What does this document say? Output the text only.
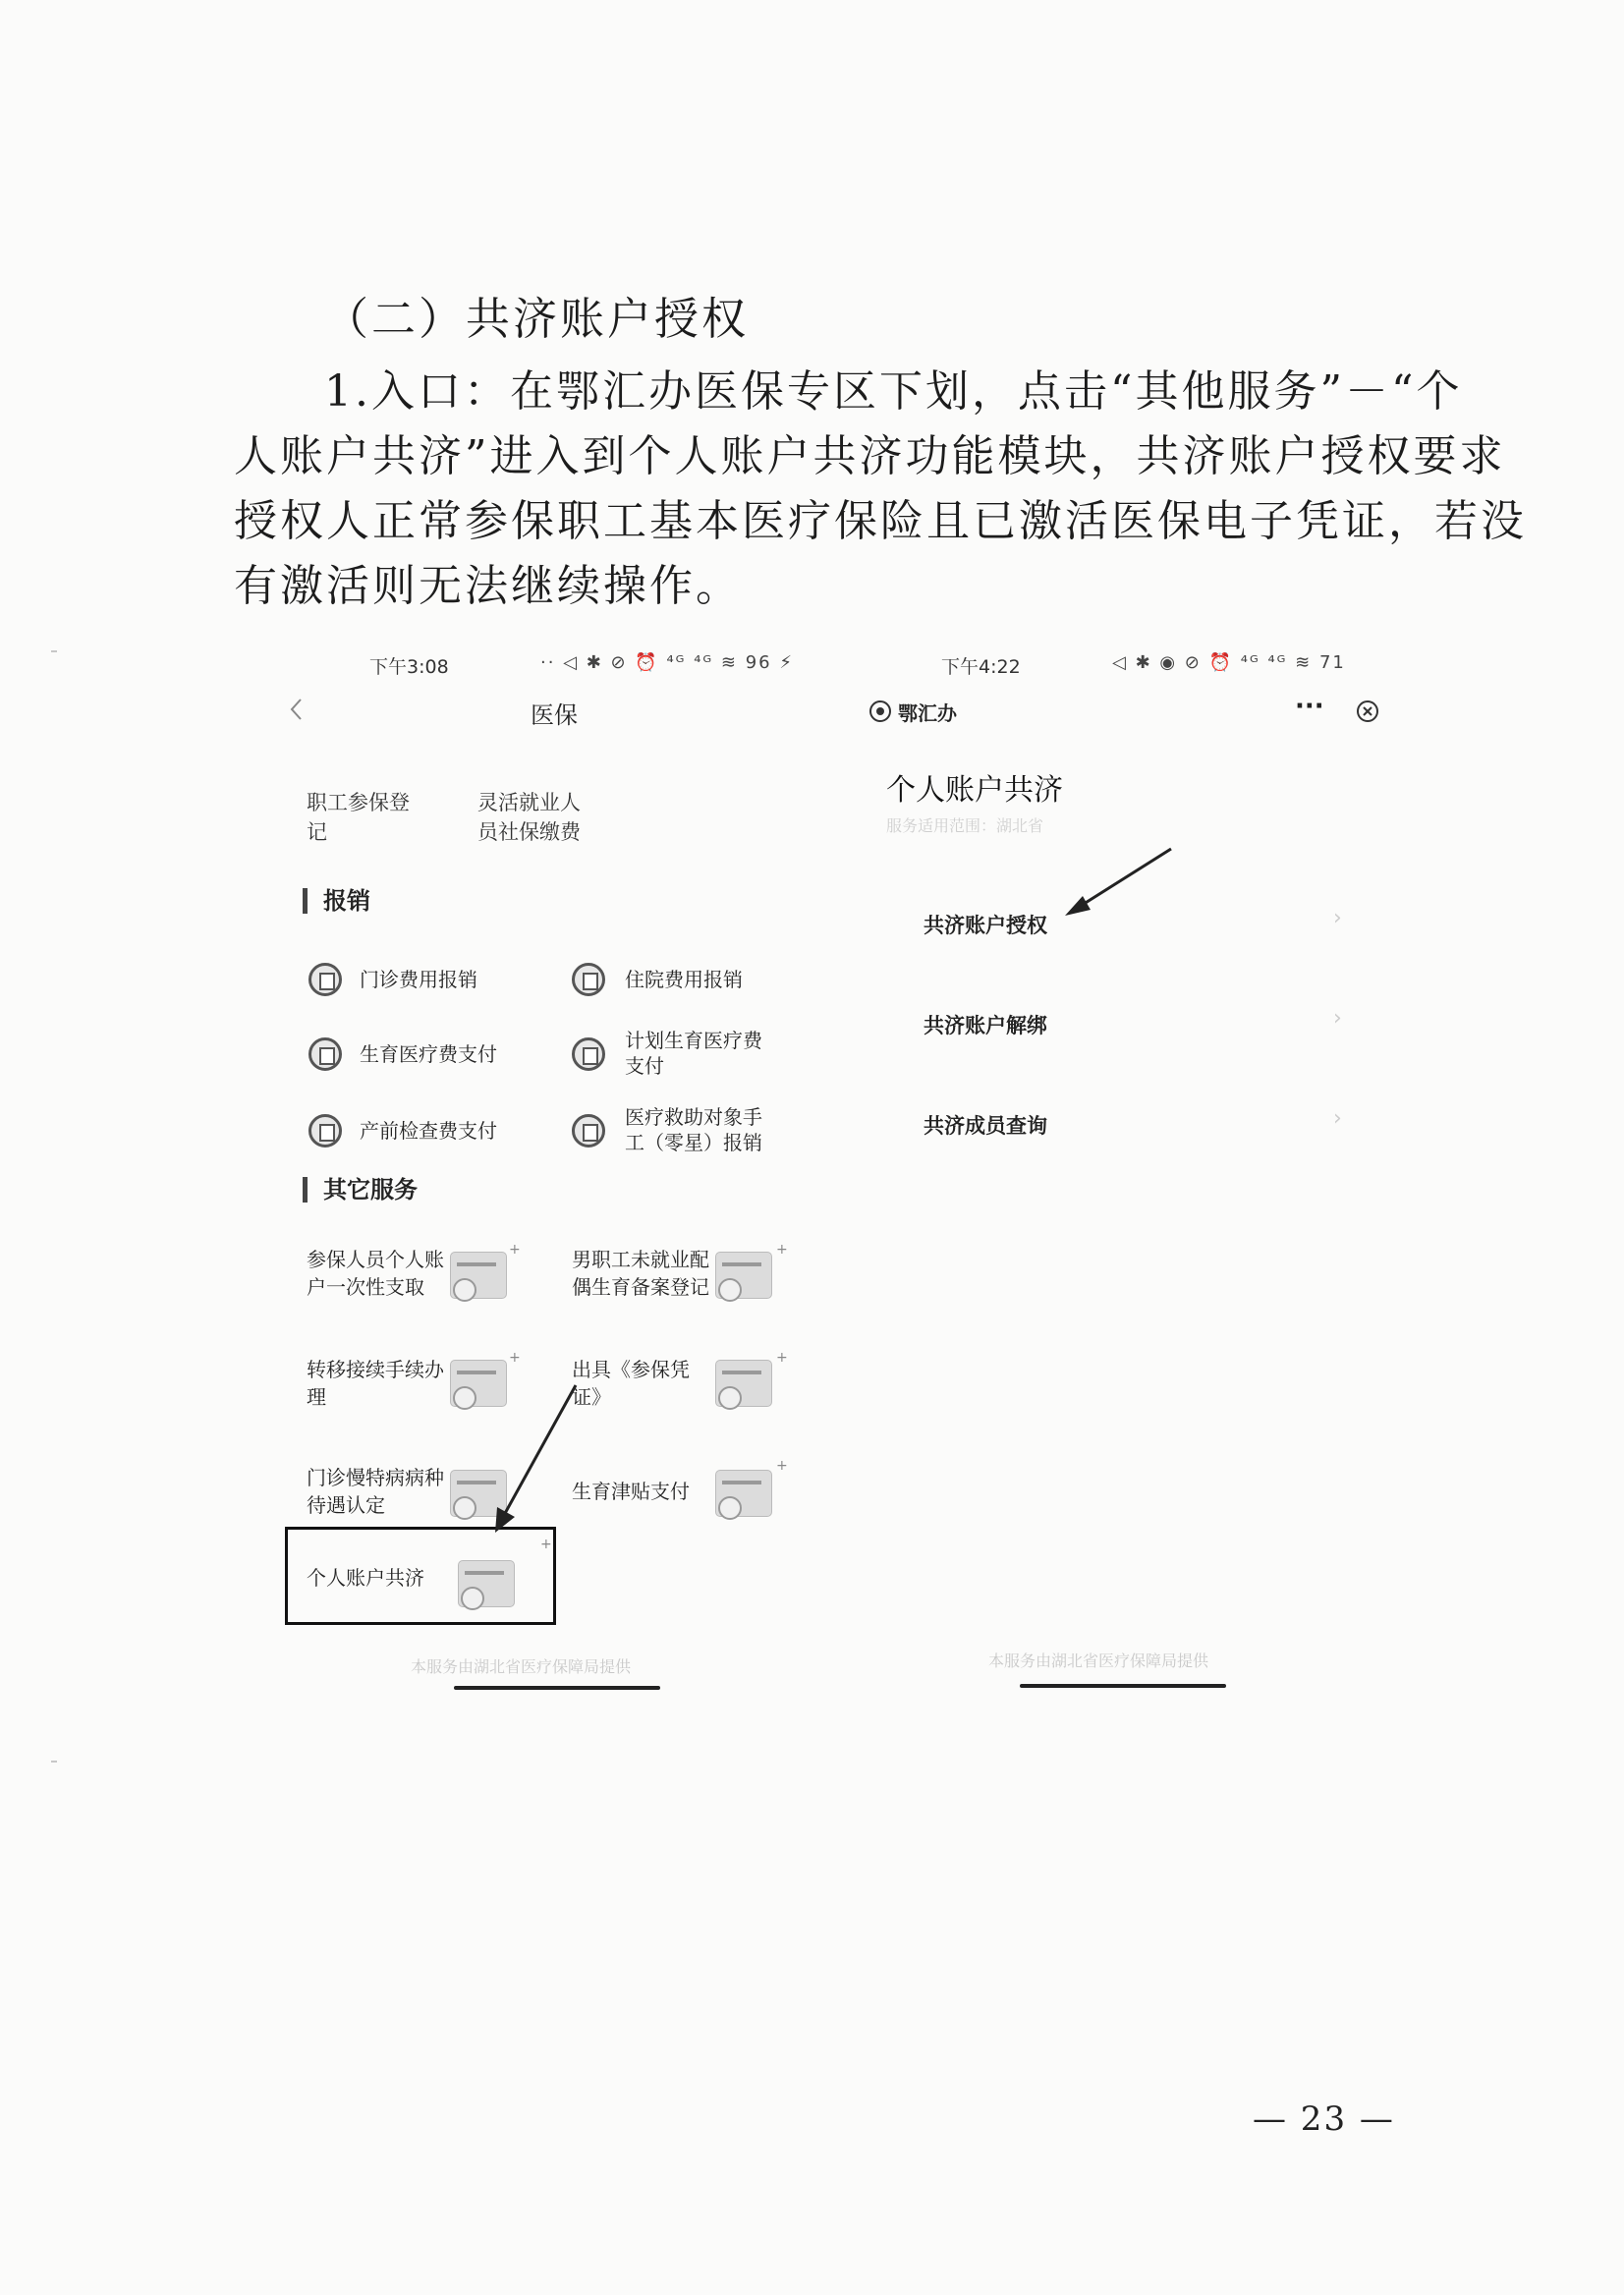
（二）共济账户授权
1.入口：在鄂汇办医保专区下划，点击“其他服务”－“个
人账户共济”进入到个人账户共济功能模块，共济账户授权要求
授权人正常参保职工基本医疗保险且已激活医保电子凭证，若没
有激活则无法继续操作。
下午3:08	·· ◁ ✱ ⊘ ⏰ ⁴ᴳ ⁴ᴳ ≋ 96 ⚡
医保
职工参保登
记
灵活就业人
员社保缴费
报销
门诊费用报销	住院费用报销
生育医疗费支付
计划生育医疗费
支付
产前检查费支付
医疗救助对象手
工（零星）报销
其它服务
参保人员个人账
户一次性支取
男职工未就业配
偶生育备案登记
转移接续手续办
理
出具《参保凭
证》
门诊慢特病病种
待遇认定
生育津贴支付
个人账户共济
+	+
+	+
+
+
本服务由湖北省医疗保障局提供
下午4:22	◁ ✱ ◉ ⊘ ⏰ ⁴ᴳ ⁴ᴳ ≋ 71
鄂汇办	···
个人账户共济
服务适用范围：湖北省
共济账户授权	›
共济账户解绑	›
共济成员查询	›
本服务由湖北省医疗保障局提供
— 23 —
